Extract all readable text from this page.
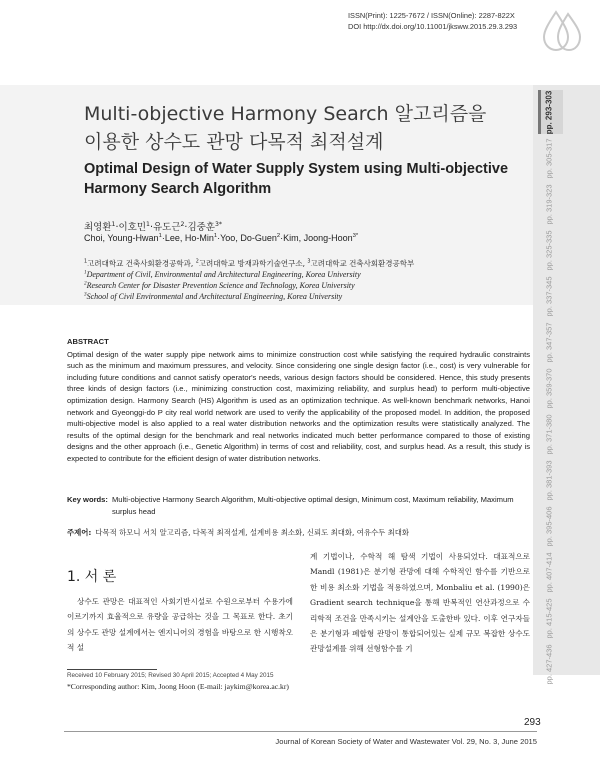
ISSN(Print): 1225-7672 / ISSN(Online): 2287-822X
DOI http://dx.doi.org/10.11001/jksww.2015.29.3.293
pp. 293-303
pp. 305-317
pp. 319-323
pp. 325-335
pp. 337-345
pp. 347-357
pp. 359-370
pp. 371-380
pp. 381-393
pp. 395-406
pp. 407-414
pp. 415-425
pp. 427-436
Multi-objective Harmony Search 알고리즘을
이용한 상수도 관망 다목적 최적설계
Optimal Design of Water Supply System using Multi-objective
Harmony Search Algorithm
최영환$^1$·이호민$^1$·유도근$^2$·김중훈$^{3*}$
Choi, Young-Hwan$^1$·Lee, Ho-Min$^1$·Yoo, Do-Guen$^2$·Kim, Joong-Hoon$^{3*}$
$^1$고려대학교 건축사회환경공학과, $^2$고려대학교 방재과학기술연구소, $^3$고려대학교 건축사회환경공학부
$^1$Department of Civil, Environmental and Architectural Engineering, Korea University
$^2$Research Center for Disaster Prevention Science and Technology, Korea University
$^3$School of Civil Environmental and Architectural Engineering, Korea University
ABSTRACT
Optimal design of the water supply pipe network aims to minimize construction cost while satisfying the required hydraulic constraints such as the minimum and maximum pressures, and velocity. Since considering one single design factor (i.e., cost) is very vulnerable for including future conditions and cannot satisfy operator's needs, various design factors should be considered. Hence, this study presents three kinds of design factors (i.e., minimizing construction cost, maximizing reliability, and surplus head) to perform multi-objective optimization design. Harmony Search (HS) Algorithm is used as an optimization technique. As well-known benchmark networks, Hanoi network and Gyeonggi-do P city real world network are used to verify the applicability of the proposed model. In addition, the proposed multi-objective model is also applied to a real water distribution networks and the optimization results were statistically analyzed. The results of the optimal design for the benchmark and real networks indicated much better performance compared to those of existing designs and the other approach (i.e., Genetic Algorithm) in terms of cost and reliability, cost, and surplus head. As a result, this study is expected to contribute for the efficient design of water distribution networks.
Key words: Multi-objective Harmony Search Algorithm, Multi-objective optimal design, Minimum cost, Maximum reliability, Maximum surplus head
주제어: 다목적 하모니 서치 알고리즘, 다목적 최적설계, 설계비용 최소화, 신뢰도 최대화, 여유수두 최대화
1. 서 론
상수도 관망은 대표적인 사회기반시설로 수원으로부터 수용가에 이르기까지 효율적으로 유량을 공급하는 것을 그 목표로 한다. 초기의 상수도 관망 설계에서는 엔지니어의 경험을 바탕으로 한 시행착오적 설
계 기법이나, 수학적 해 탐색 기법이 사용되었다. 대표적으로 Mandl (1981)은 분기형 관망에 대해 수학적인 함수를 기반으로 한 비용 최소화 기법을 적용하였으며, Monbaliu et al. (1990)은 Gradient search technique을 통해 반복적인 연산과정으로 수리학적 조건을 만족시키는 설계안을 도출한바 있다. 이후 연구자들은 분기형과 폐합형 관망이 통합되어있는 실제 규모 복잡한 상수도 관망설계를 위해 선형함수를 기
Received 10 February 2015; Revised 30 April 2015; Accepted 4 May 2015
*Corresponding author: Kim, Joong Hoon (E-mail: jaykim@korea.ac.kr)
293
Journal of Korean Society of Water and Wastewater Vol. 29, No. 3, June 2015
